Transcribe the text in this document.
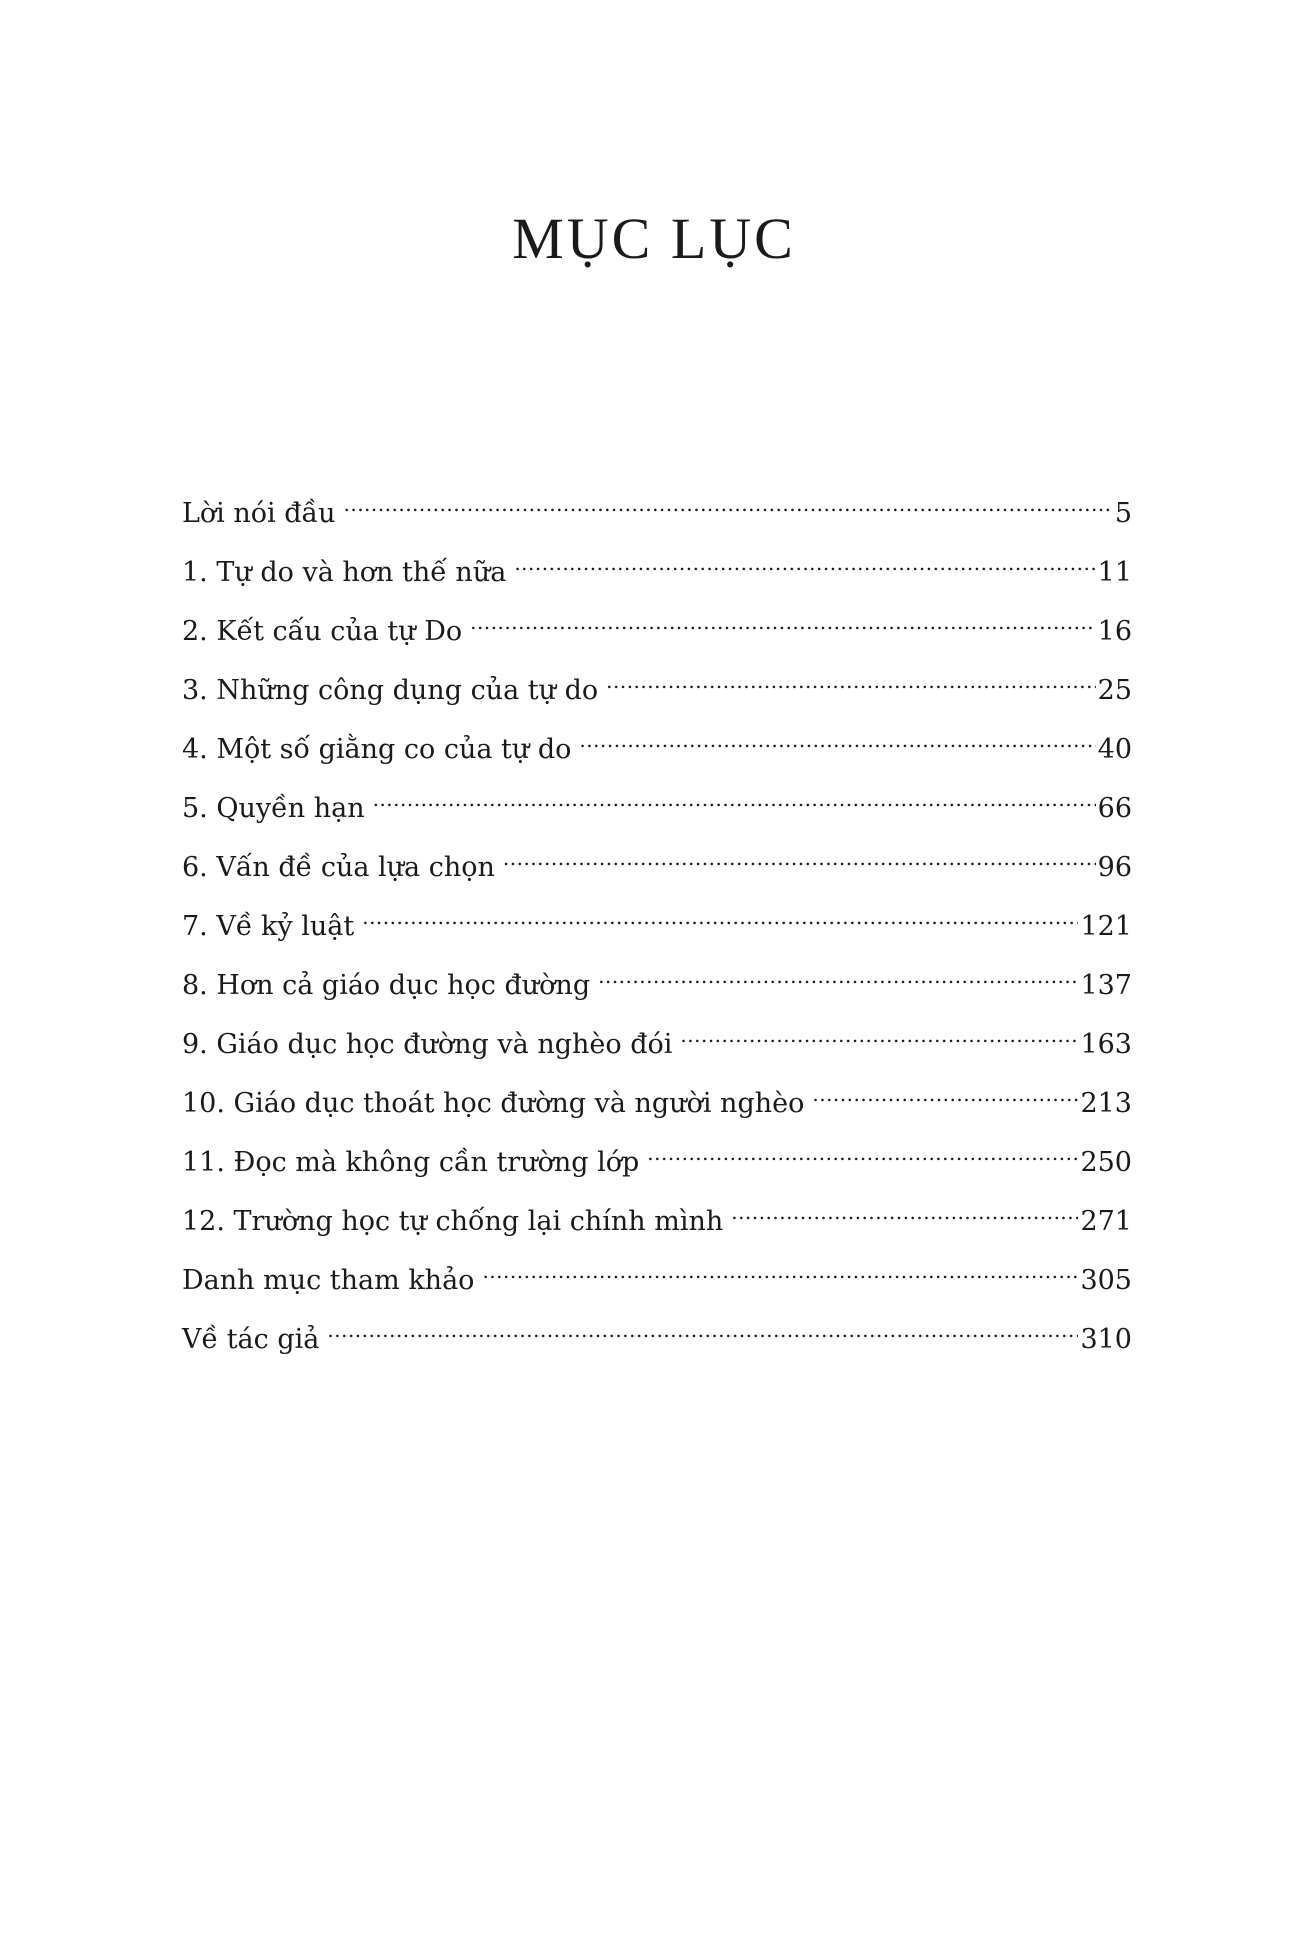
MỤC LỤC
Lời nói đầu .....	5
1. Tự do và hơn thế nữa .....	11
2. Kết cấu của tự Do .....	16
3. Những công dụng của tự do .....	25
4. Một số giằng co của tự do .....	40
5. Quyền hạn .....	66
6. Vấn đề của lựa chọn .....	96
7. Về kỷ luật .....	121
8. Hơn cả giáo dục học đường .....	137
9. Giáo dục học đường và nghèo đói .....	163
10. Giáo dục thoát học đường và người nghèo .....	213
11. Đọc mà không cần trường lớp .....	250
12. Trường học tự chống lại chính mình .....	271
Danh mục tham khảo .....	305
Về tác giả .....	310
